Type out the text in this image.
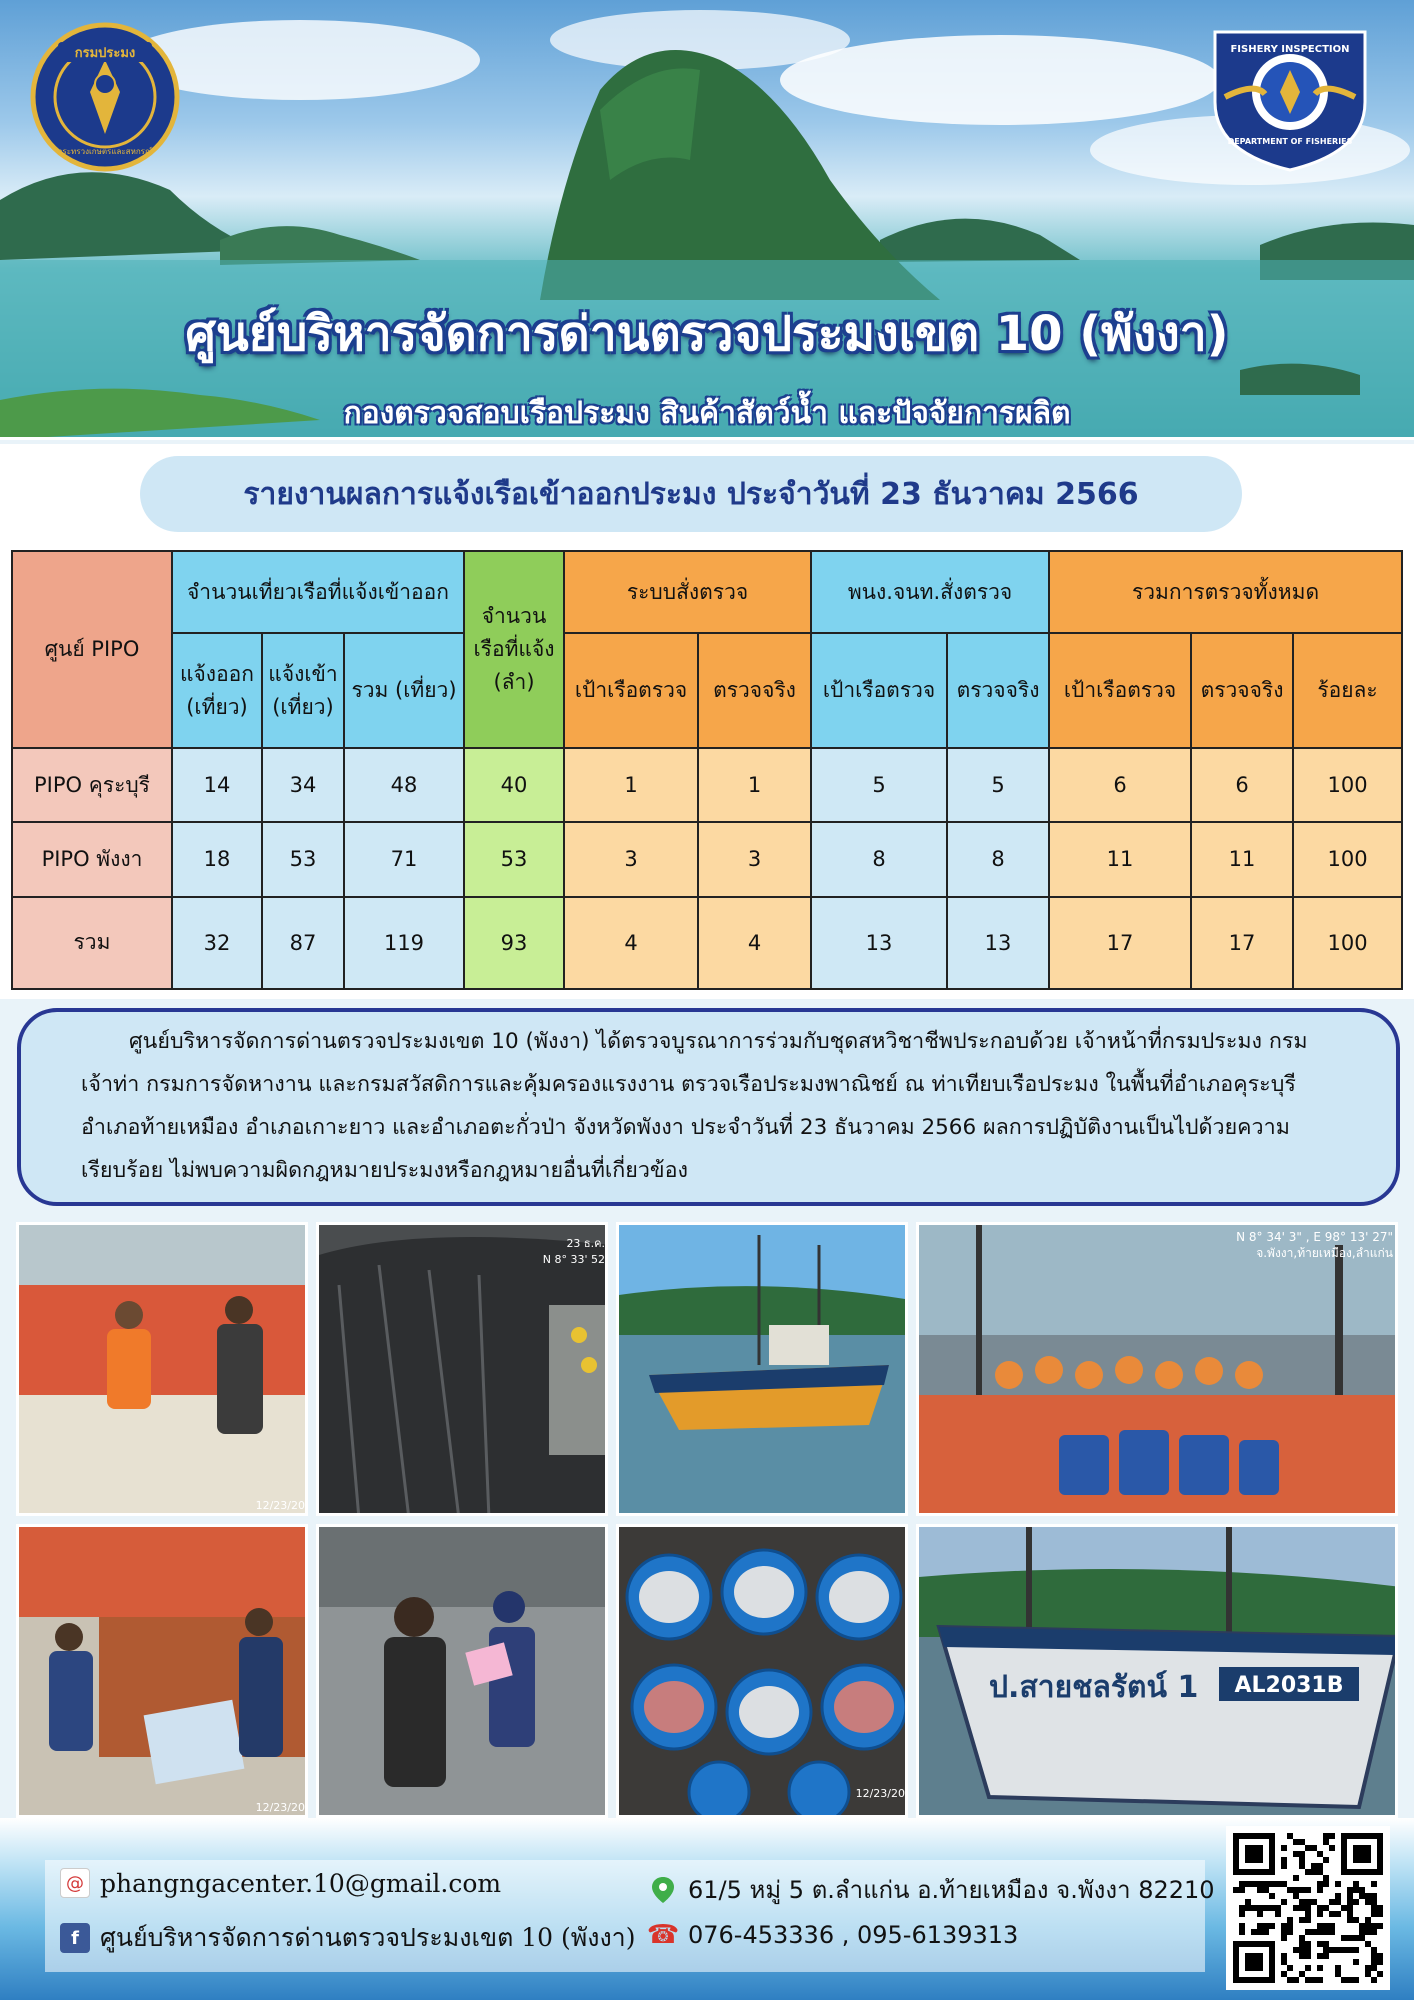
กรมประมง
กระทรวงเกษตรและสหกรณ์
FISHERY INSPECTION
DEPARTMENT OF FISHERIES
ศูนย์บริหารจัดการด่านตรวจประมงเขต 10 (พังงา)
กองตรวจสอบเรือประมง สินค้าสัตว์น้ำ และปัจจัยการผลิต
รายงานผลการแจ้งเรือเข้าออกประมง ประจำวันที่ 23 ธันวาคม 2566
ศูนย์ PIPO	จำนวนเที่ยวเรือที่แจ้งเข้าออก			จำนวน เรือที่แจ้ง (ลำ)	ระบบสั่งตรวจ		พนง.จนท.สั่งตรวจ		รวมการตรวจทั้งหมด		
	แจ้งออก (เที่ยว)	แจ้งเข้า (เที่ยว)	รวม (เที่ยว)		เป้าเรือตรวจ	ตรวจจริง	เป้าเรือตรวจ	ตรวจจริง	เป้าเรือตรวจ	ตรวจจริง	ร้อยละ
PIPO คุระบุรี	14	34	48	40	1	1	5	5	6	6	100
PIPO พังงา	18	53	71	53	3	3	8	8	11	11	100
รวม	32	87	119	93	4	4	13	13	17	17	100
ศูนย์บริหารจัดการด่านตรวจประมงเขต 10 (พังงา) ได้ตรวจบูรณาการร่วมกับชุดสหวิชาชีพประกอบด้วย เจ้าหน้าที่กรมประมง กรมเจ้าท่า กรมการจัดหางาน และกรมสวัสดิการและคุ้มครองแรงงาน ตรวจเรือประมงพาณิชย์ ณ ท่าเทียบเรือประมง ในพื้นที่อำเภอคุระบุรี อำเภอท้ายเหมือง อำเภอเกาะยาว และอำเภอตะกั่วป่า จังหวัดพังงา ประจำวันที่ 23 ธันวาคม 2566 ผลการปฏิบัติงานเป็นไปด้วยความเรียบร้อย ไม่พบความผิดกฎหมายประมงหรือกฎหมายอื่นที่เกี่ยวข้อง
12/23/20
23 ธ.ค.
N 8° 33' 52
N 8° 34' 3" , E 98° 13' 27"
จ.พังงา,ท้ายเหมือง,ลำแก่น
12/23/20
12/23/20
ป.สายชลรัตน์ 1 AL2031B
@ phangngacenter.10@gmail.com
f ศูนย์บริหารจัดการด่านตรวจประมงเขต 10 (พังงา)
61/5 หมู่ 5 ต.ลำแก่น อ.ท้ายเหมือง จ.พังงา 82210
☎ 076-453336 , 095-6139313
